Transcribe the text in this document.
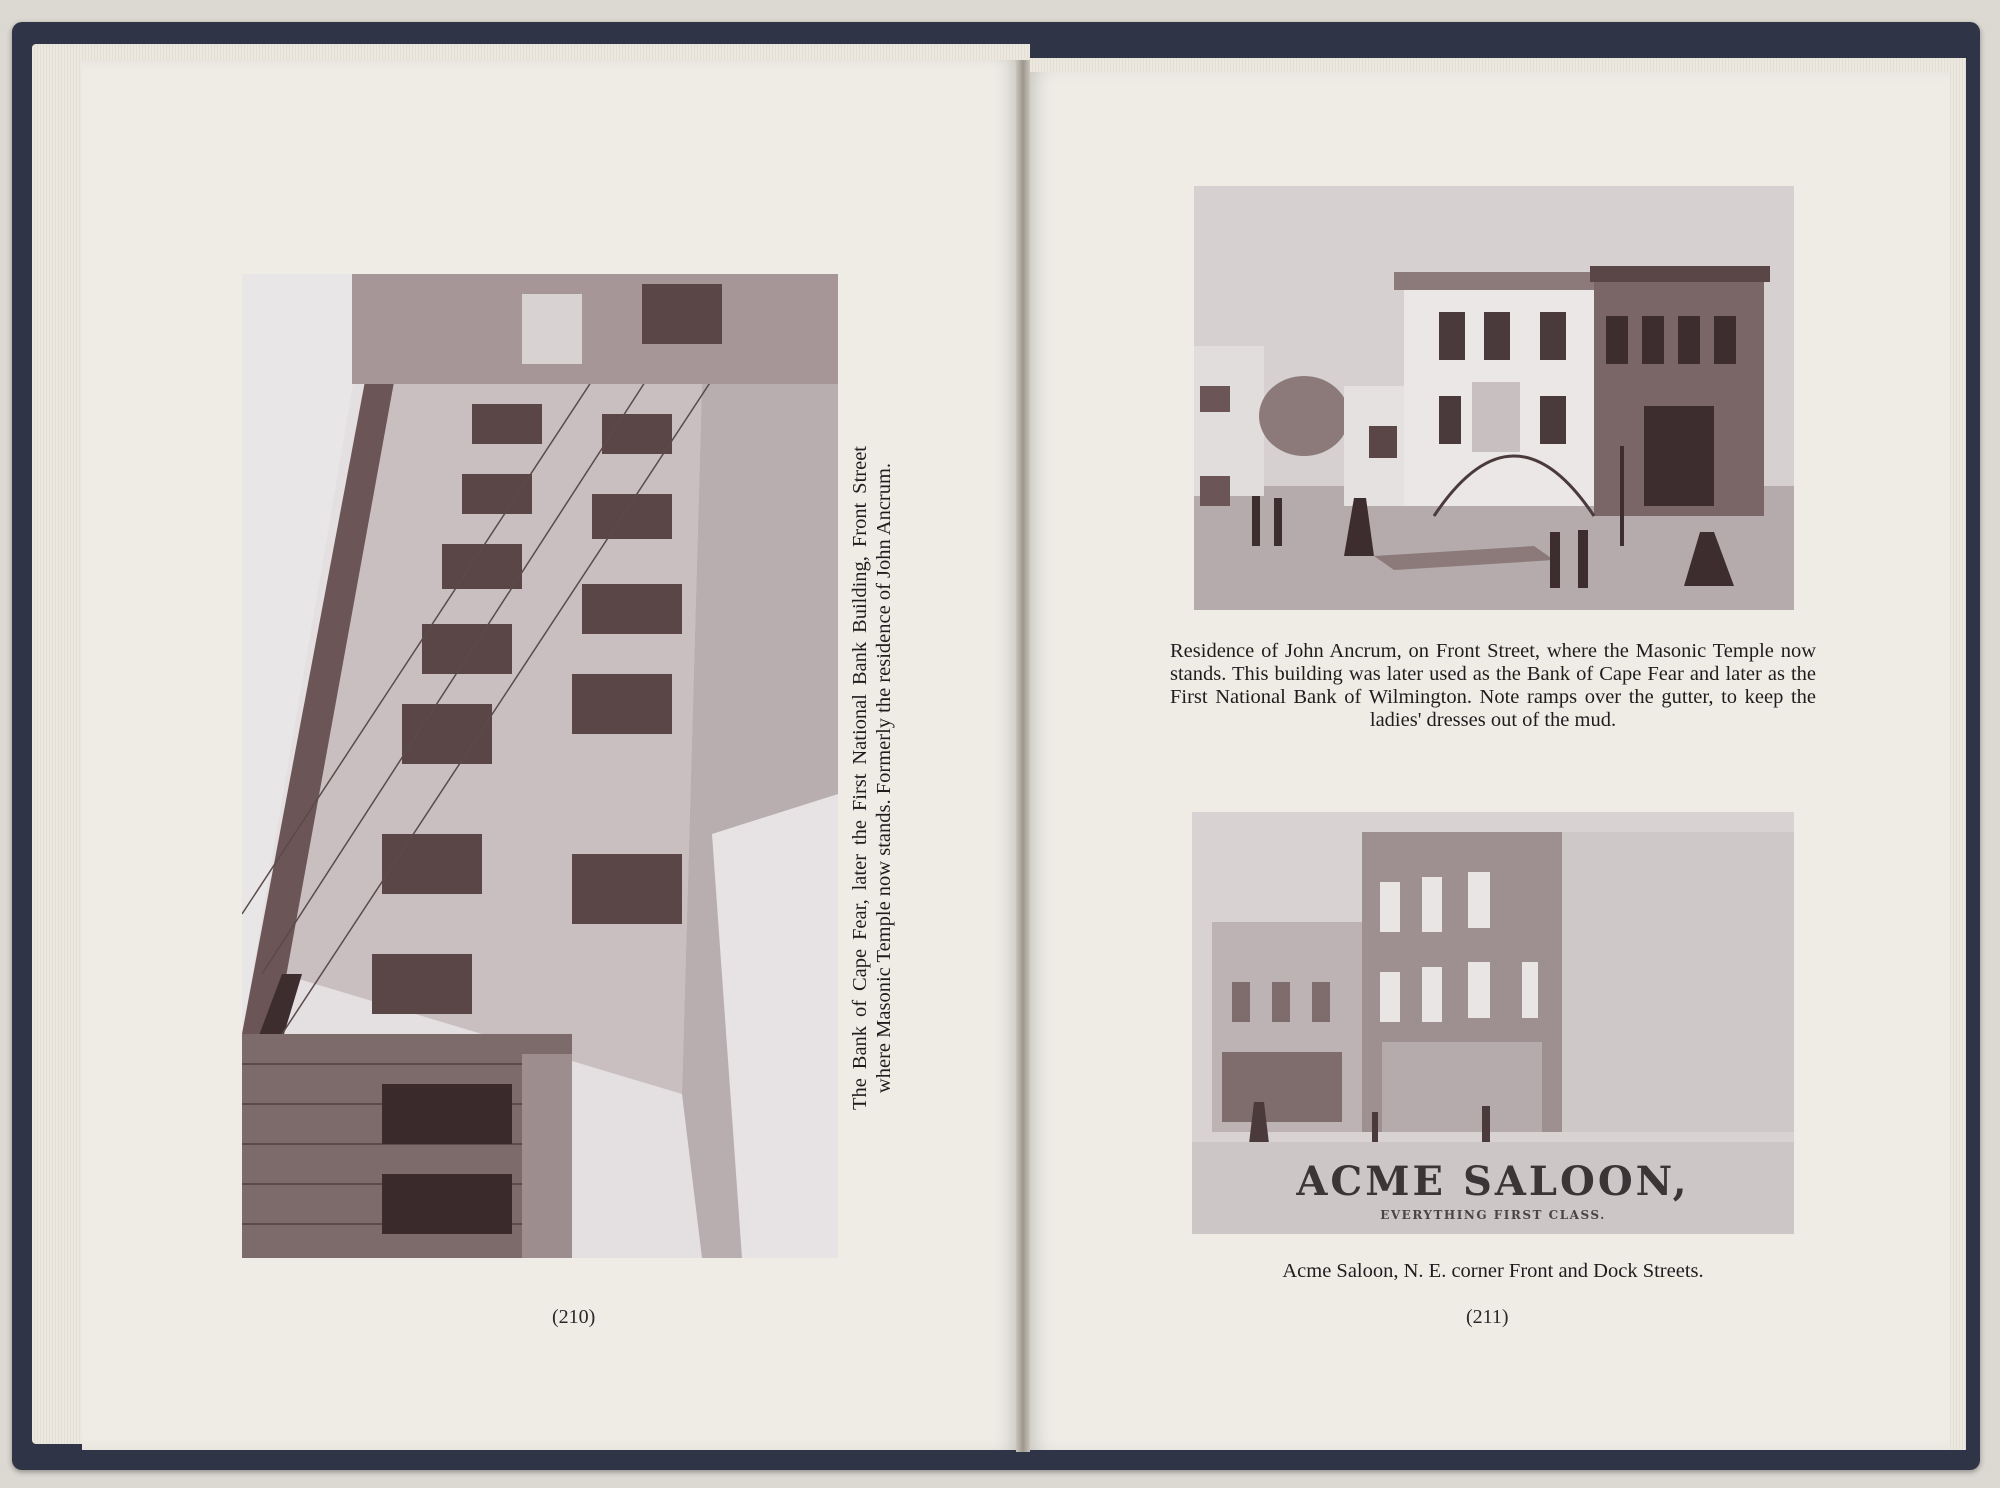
The Bank of Cape Fear, later the First National Bank Building, Front Street where Masonic Temple now stands. Formerly the residence of John Ancrum.
(210)
Residence of John Ancrum, on Front Street, where the Masonic Temple now stands. This building was later used as the Bank of Cape Fear and later as the First National Bank of Wilmington. Note ramps over the gutter, to keep the ladies' dresses out of the mud.
ACME SALOON,
EVERYTHING FIRST CLASS.
Acme Saloon, N. E. corner Front and Dock Streets.
(211)
